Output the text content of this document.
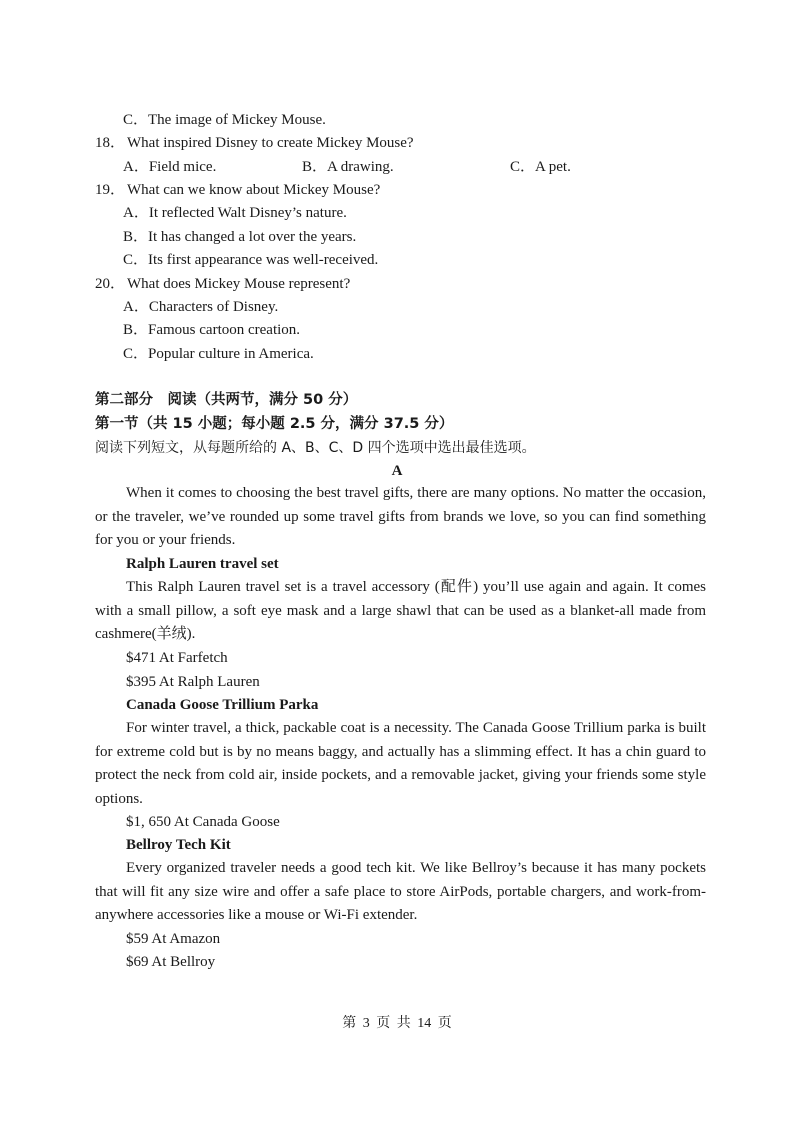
C．The image of Mickey Mouse.
18． What inspired Disney to create Mickey Mouse?
A．Field mice.	B．A drawing.	C．A pet.
19． What can we know about Mickey Mouse?
A．It reflected Walt Disney’s nature.
B．It has changed a lot over the years.
C．Its first appearance was well-received.
20． What does Mickey Mouse represent?
A．Characters of Disney.
B．Famous cartoon creation.
C．Popular culture in America.
第二部分　阅读（共两节，满分 50 分）
第一节（共 15 小题；每小题 2.5 分，满分 37.5 分）
阅读下列短文，从每题所给的 A、B、C、D 四个选项中选出最佳选项。
A
When it comes to choosing the best travel gifts, there are many options. No matter the occasion, or the traveler, we’ve rounded up some travel gifts from brands we love, so you can find something for you or your friends.
Ralph Lauren travel set
This Ralph Lauren travel set is a travel accessory (配件) you’ll use again and again. It comes with a small pillow, a soft eye mask and a large shawl that can be used as a blanket-all made from cashmere(羊绒).
$471 At Farfetch
$395 At Ralph Lauren
Canada Goose Trillium Parka
For winter travel, a thick, packable coat is a necessity. The Canada Goose Trillium parka is built for extreme cold but is by no means baggy, and actually has a slimming effect. It has a chin guard to protect the neck from cold air, inside pockets, and a removable jacket, giving your friends some style options.
$1, 650 At Canada Goose
Bellroy Tech Kit
Every organized traveler needs a good tech kit. We like Bellroy’s because it has many pockets that will fit any size wire and offer a safe place to store AirPods, portable chargers, and work-from-anywhere accessories like a mouse or Wi-Fi extender.
$59 At Amazon
$69 At Bellroy
第 3 页 共 14 页
